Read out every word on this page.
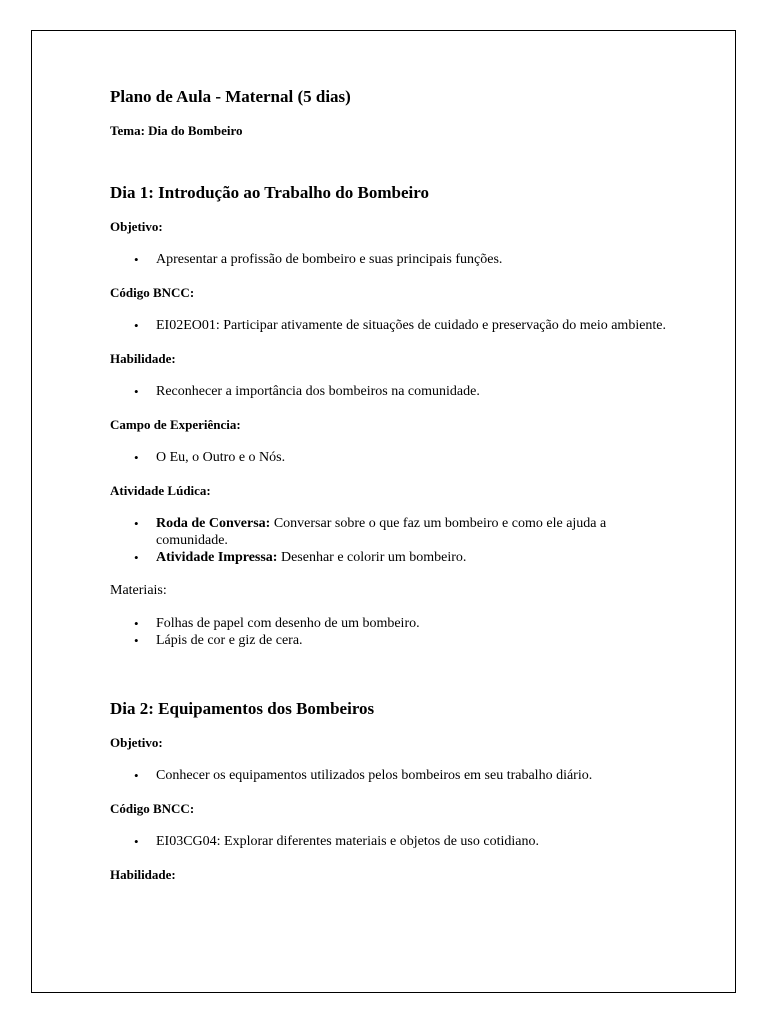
Plano de Aula - Maternal (5 dias)
Tema: Dia do Bombeiro
Dia 1: Introdução ao Trabalho do Bombeiro
Objetivo:
• Apresentar a profissão de bombeiro e suas principais funções.
Código BNCC:
• EI02EO01: Participar ativamente de situações de cuidado e preservação do meio ambiente.
Habilidade:
• Reconhecer a importância dos bombeiros na comunidade.
Campo de Experiência:
• O Eu, o Outro e o Nós.
Atividade Lúdica:
• Roda de Conversa: Conversar sobre o que faz um bombeiro e como ele ajuda a comunidade.
• Atividade Impressa: Desenhar e colorir um bombeiro.
Materiais:
• Folhas de papel com desenho de um bombeiro.
• Lápis de cor e giz de cera.
Dia 2: Equipamentos dos Bombeiros
Objetivo:
• Conhecer os equipamentos utilizados pelos bombeiros em seu trabalho diário.
Código BNCC:
• EI03CG04: Explorar diferentes materiais e objetos de uso cotidiano.
Habilidade:
